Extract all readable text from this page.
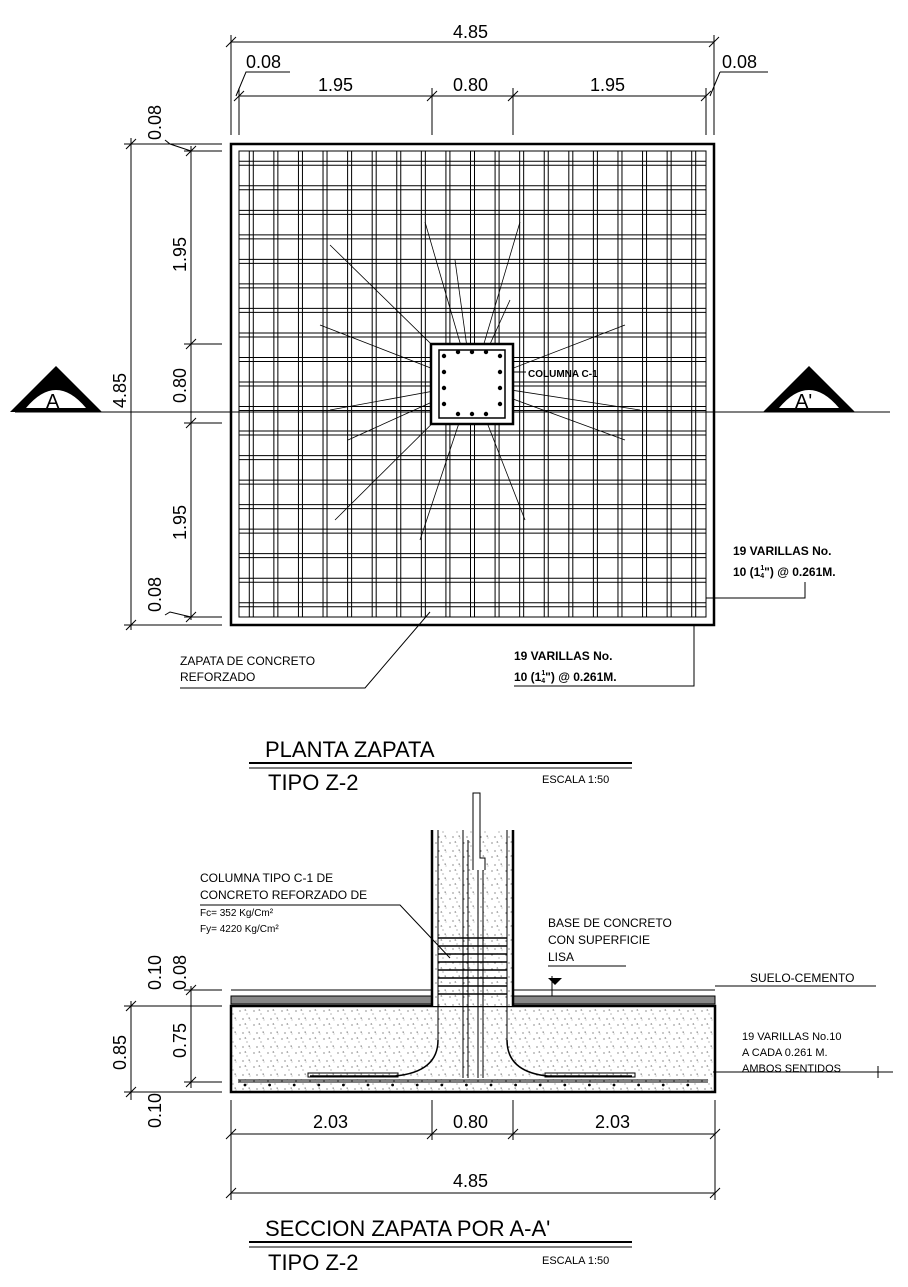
A	A'
4.85
0.08	0.08
1.95	0.80	1.95
0.08
1.95
0.80
1.95
0.08
4.85	COLUMNA C-1
19 VARILLAS No.
10 ($1^1$ 4") @ 0.261M.
19 VARILLAS No.
10 ($1^1$ 4") @ 0.261M.
ZAPATA DE CONCRETO
REFORZADO
PLANTA ZAPATA
TIPO Z-2	ESCALA 1:50
COLUMNA TIPO C-1 DE
CONCRETO REFORZADO DE
Fc= 352 Kg/Cm²
Fy= 4220 Kg/Cm²	BASE DE CONCRETO
CON SUPERFICIE
LISA
SUELO-CEMENTO
19 VARILLAS No.10
A CADA 0.261 M.
AMBOS SENTIDOS
0.10 0.08
0.85 0.75
0.10	2.03	0.80	2.03
4.85
SECCION ZAPATA POR A-A'
TIPO Z-2	ESCALA 1:50
